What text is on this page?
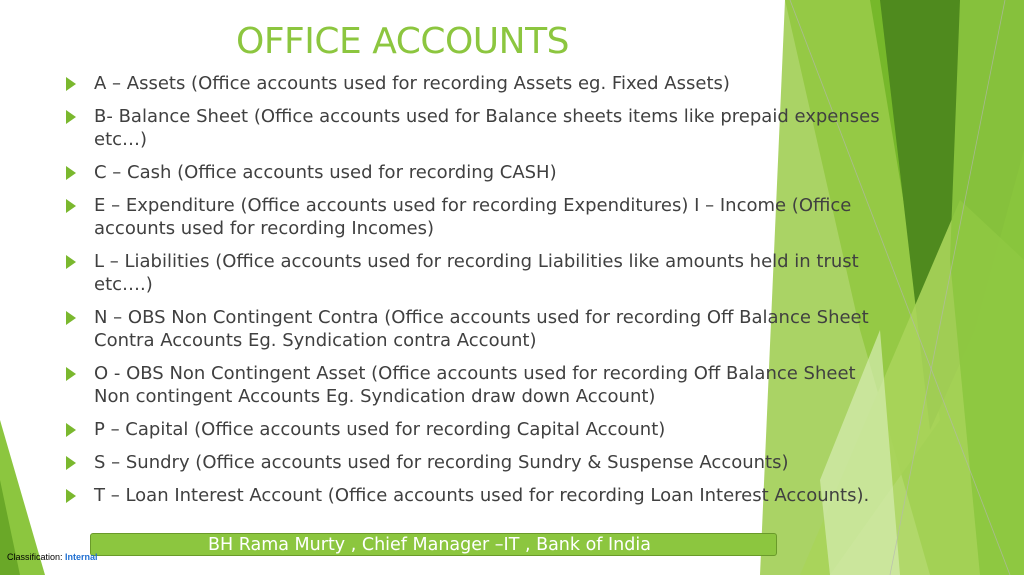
OFFICE ACCOUNTS
A – Assets (Office accounts used for recording Assets eg. Fixed Assets)
B- Balance Sheet (Office accounts used for Balance sheets items like prepaid expenses etc…)
C – Cash (Office accounts used for recording CASH)
E – Expenditure (Office accounts used for recording Expenditures) I – Income (Office accounts used for recording Incomes)
L – Liabilities (Office accounts used for recording Liabilities like amounts held in trust etc….)
N – OBS Non Contingent Contra (Office accounts used for recording Off Balance Sheet Contra Accounts Eg. Syndication contra Account)
O - OBS Non Contingent Asset (Office accounts used for recording Off Balance Sheet Non contingent Accounts Eg. Syndication draw down Account)
P – Capital (Office accounts used for recording Capital Account)
S – Sundry (Office accounts used for recording Sundry & Suspense Accounts)
T – Loan Interest Account (Office accounts used for recording Loan Interest Accounts).
BH Rama Murty , Chief Manager –IT , Bank of India
Classification: Internal
